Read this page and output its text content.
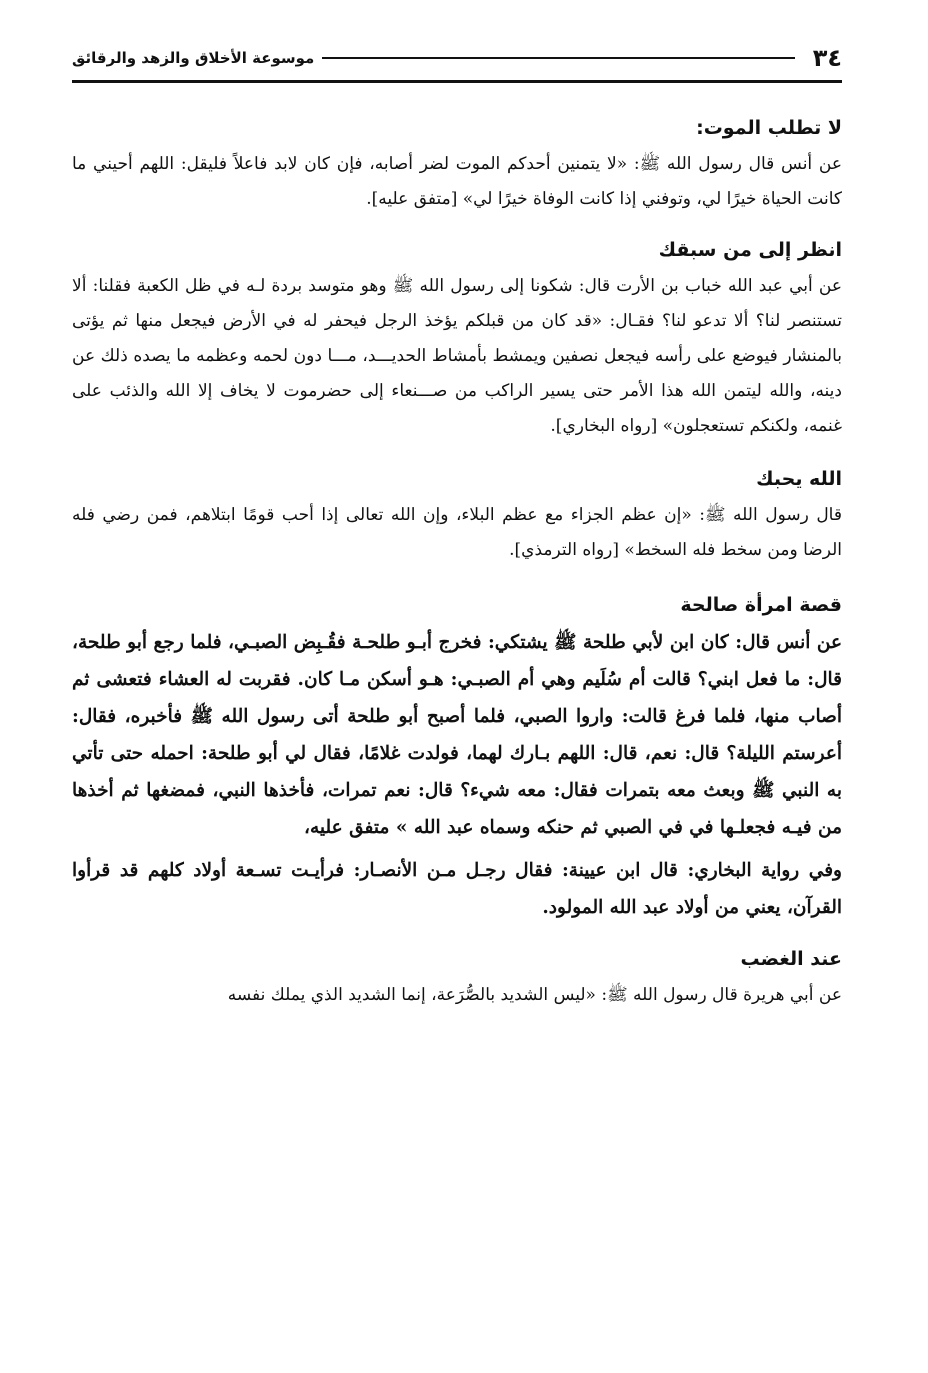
٣٤
موسوعة الأخلاق والزهد والرقائق
لا تطلب الموت:

عن أنس قال رسول الله ﷺ: «لا يتمنين أحدكم الموت لضر أصابه، فإن كان لابد فاعلاً فليقل: اللهم أحيني ما كانت الحياة خيرًا لي، وتوفني إذا كانت الوفاة خيرًا لي» [متفق عليه].

انظر إلى من سبقك

عن أبي عبد الله خباب بن الأرت قال: شكونا إلى رسول الله ﷺ وهو متوسد بردة لـه في ظل الكعبة فقلنا: ألا تستنصر لنا؟ ألا تدعو لنا؟ فقـال: «قد كان من قبلكم يؤخذ الرجل فيحفر له في الأرض فيجعل منها ثم يؤتى بالمنشار فيوضع على رأسه فيجعل نصفين ويمشط بأمشاط الحديـــد، مـــا دون لحمه وعظمه ما يصده ذلك عن دينه، والله ليتمن الله هذا الأمر حتى يسير الراكب من صـــنعاء إلى حضرموت لا يخاف إلا الله والذئب على غنمه، ولكنكم تستعجلون» [رواه البخاري].

الله يحبك

قال رسول الله ﷺ: «إن عظم الجزاء مع عظم البلاء، وإن الله تعالى إذا أحب قومًا ابتلاهم، فمن رضي فله الرضا ومن سخط فله السخط» [رواه الترمذي].

قصة امرأة صالحة

عن أنس قال: كان ابن لأبي طلحة ﷺ يشتكي: فخرج أبـو طلحـة فقُـبِض الصبـي، فلما رجع أبو طلحة، قال: ما فعل ابني؟ قالت أم سُلَيم وهي أم الصبـي: هـو أسكن مـا كان. فقربت له العشاء فتعشى ثم أصاب منها، فلما فرغ قالت: واروا الصبي، فلما أصبح أبو طلحة أتى رسول الله ﷺ فأخبره، فقال: أعرستم الليلة؟ قال: نعم، قال: اللهم بـارك لهما، فولدت غلامًا، فقال لي أبو طلحة: احمله حتى تأتي به النبي ﷺ وبعث معه بتمرات فقال: معه شيء؟ قال: نعم تمرات، فأخذها النبي، فمضغها ثم أخذها من فيـه فجعلـها في في الصبي ثم حنكه وسماه عبد الله » متفق عليه،

وفي رواية البخاري: قال ابن عيينة: فقال رجـل مـن الأنصـار: فرأيـت تسـعة أولاد كلهم قد قرأوا القرآن، يعني من أولاد عبد الله المولود.

عند الغضب

عن أبي هريرة قال رسول الله ﷺ: «ليس الشديد بالصُّرَعة، إنما الشديد الذي يملك نفسه
